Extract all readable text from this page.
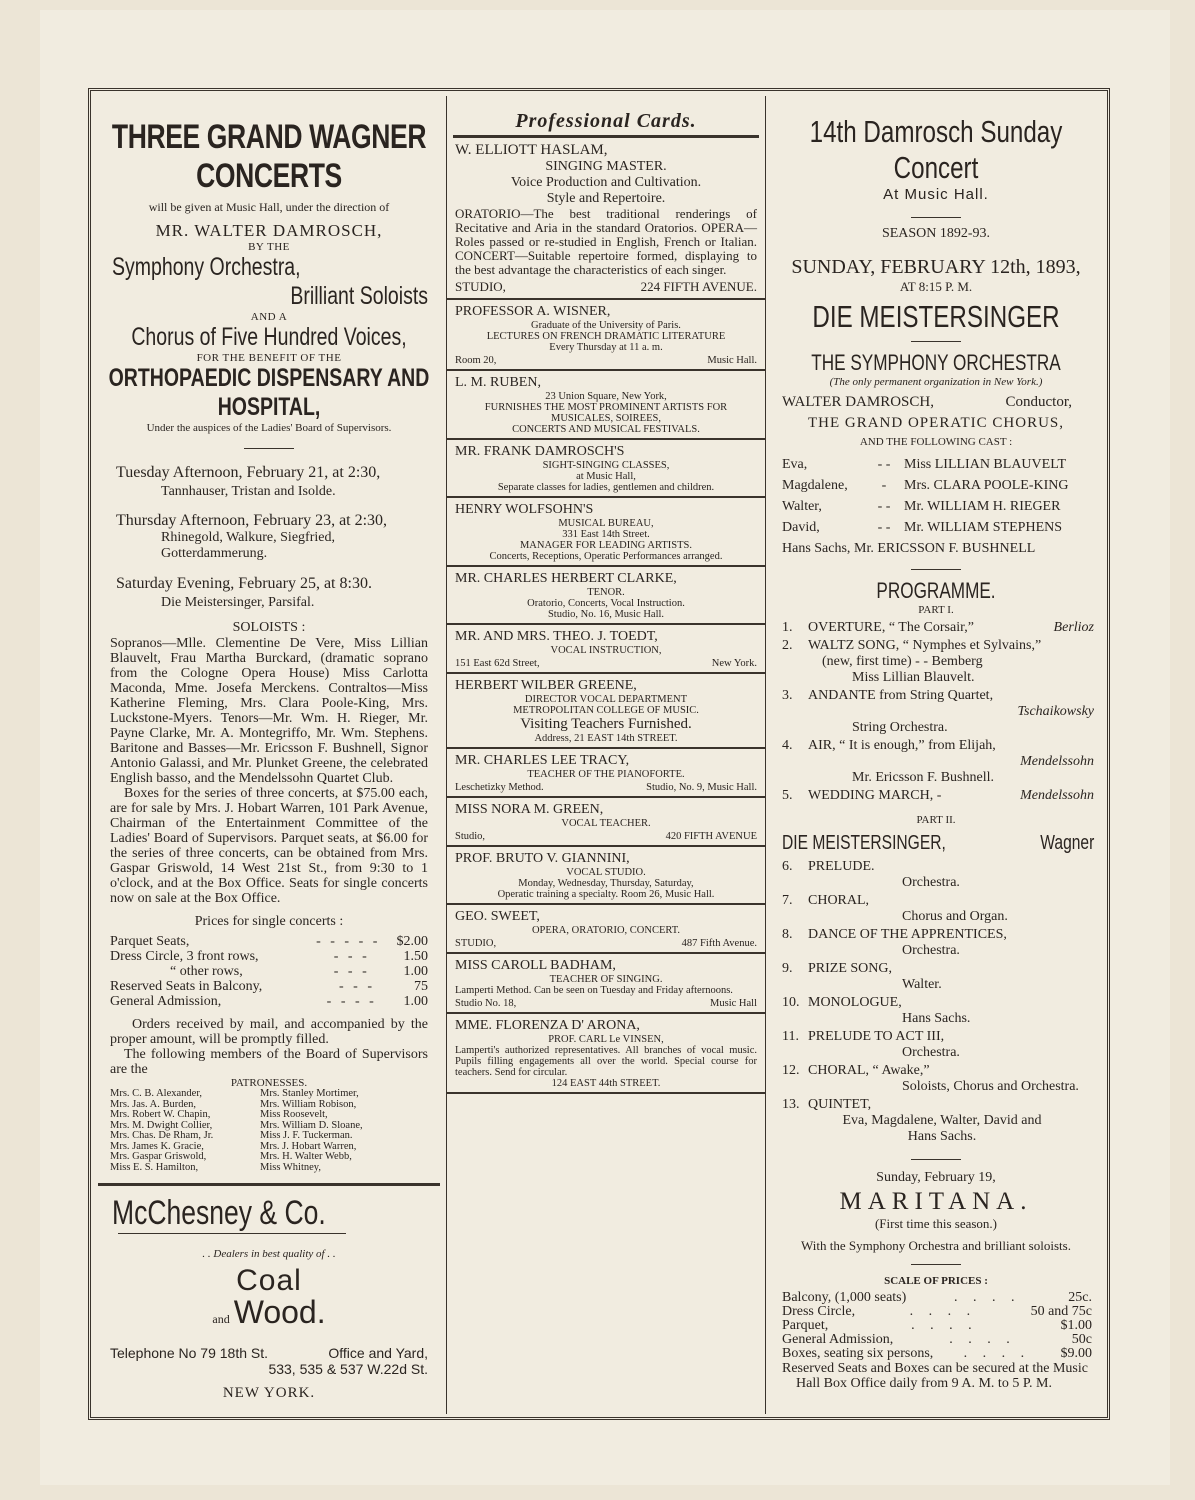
THREE GRAND WAGNER CONCERTS
will be given at Music Hall, under the direction of
MR. WALTER DAMROSCH,
BY THE
Symphony Orchestra,
Brilliant Soloists
AND A
Chorus of Five Hundred Voices,
FOR THE BENEFIT OF THE
ORTHOPAEDIC DISPENSARY AND HOSPITAL,
Under the auspices of the Ladies' Board of Supervisors.
Tuesday Afternoon, February 21, at 2:30,
Tannhauser, Tristan and Isolde.
Thursday Afternoon, February 23, at 2:30,
Rhinegold, Walkure, Siegfried, Gotterdammerung.
Saturday Evening, February 25, at 8:30.
Die Meistersinger, Parsifal.
SOLOISTS :
Sopranos—Mlle. Clementine De Vere, Miss Lillian Blauvelt, Frau Martha Burckard, (dramatic soprano from the Cologne Opera House) Miss Carlotta Maconda, Mme. Josefa Merckens. Contraltos—Miss Katherine Fleming, Mrs. Clara Poole-King, Mrs. Luckstone-Myers. Tenors—Mr. Wm. H. Rieger, Mr. Payne Clarke, Mr. A. Montegriffo, Mr. Wm. Stephens. Baritone and Basses—Mr. Ericsson F. Bushnell, Signor Antonio Galassi, and Mr. Plunket Greene, the celebrated English basso, and the Mendelssohn Quartet Club.
Boxes for the series of three concerts, at $75.00 each, are for sale by Mrs. J. Hobart Warren, 101 Park Avenue, Chairman of the Entertainment Committee of the Ladies' Board of Supervisors. Parquet seats, at $6.00 for the series of three concerts, can be obtained from Mrs. Gaspar Griswold, 14 West 21st St., from 9:30 to 1 o'clock, and at the Box Office. Seats for single concerts now on sale at the Box Office.
Prices for single concerts :
Parquet Seats,	- - - - -	$2.00
Dress Circle, 3 front rows,	- - -	1.50
“ other rows,	- - -	1.00
Reserved Seats in Balcony,	- - -	75
General Admission,	- - - -	1.00
Orders received by mail, and accompanied by the proper amount, will be promptly filled.
The following members of the Board of Supervisors are the
PATRONESSES.
Mrs. C. B. Alexander,
Mrs. Jas. A. Burden,
Mrs. Robert W. Chapin,
Mrs. M. Dwight Collier,
Mrs. Chas. De Rham, Jr.
Mrs. James K. Gracie,
Mrs. Gaspar Griswold,
Miss E. S. Hamilton,
Mrs. Stanley Mortimer,
Mrs. William Robison,
Miss Roosevelt,
Mrs. William D. Sloane,
Miss J. F. Tuckerman.
Mrs. J. Hobart Warren,
Mrs. H. Walter Webb,
Miss Whitney,
McChesney & Co.
. . Dealers in best quality of . .
Coal
and Wood.
Telephone No 79 18th St.	Office and Yard,
533, 535 & 537 W.22d St.
NEW YORK.
Professional Cards.
W. ELLIOTT HASLAM,
SINGING MASTER.
Voice Production and Cultivation.
Style and Repertoire.
ORATORIO—The best traditional renderings of Recitative and Aria in the standard Oratorios. OPERA—Roles passed or re-studied in English, French or Italian. CONCERT—Suitable repertoire formed, displaying to the best advantage the characteristics of each singer.
STUDIO,	224 FIFTH AVENUE.
PROFESSOR A. WISNER,
Graduate of the University of Paris.
LECTURES ON FRENCH DRAMATIC LITERATURE
Every Thursday at 11 a. m.
Room 20,	Music Hall.
L. M. RUBEN,
23 Union Square, New York,
FURNISHES THE MOST PROMINENT ARTISTS FOR
MUSICALES, SOIREES,
CONCERTS AND MUSICAL FESTIVALS.
MR. FRANK DAMROSCH'S
SIGHT-SINGING CLASSES,
at Music Hall,
Separate classes for ladies, gentlemen and children.
HENRY WOLFSOHN'S
MUSICAL BUREAU,
331 East 14th Street.
MANAGER FOR LEADING ARTISTS.
Concerts, Receptions, Operatic Performances arranged.
MR. CHARLES HERBERT CLARKE,
TENOR.
Oratorio, Concerts, Vocal Instruction.
Studio, No. 16, Music Hall.
MR. AND MRS. THEO. J. TOEDT,
VOCAL INSTRUCTION,
151 East 62d Street,	New York.
HERBERT WILBER GREENE,
DIRECTOR VOCAL DEPARTMENT
METROPOLITAN COLLEGE OF MUSIC.
Visiting Teachers Furnished.
Address, 21 EAST 14th STREET.
MR. CHARLES LEE TRACY,
TEACHER OF THE PIANOFORTE.
Leschetizky Method.	Studio, No. 9, Music Hall.
MISS NORA M. GREEN,
VOCAL TEACHER.
Studio,	420 FIFTH AVENUE
PROF. BRUTO V. GIANNINI,
VOCAL STUDIO.
Monday, Wednesday, Thursday, Saturday,
Operatic training a specialty. Room 26, Music Hall.
GEO. SWEET,
OPERA, ORATORIO, CONCERT.
STUDIO,	487 Fifth Avenue.
MISS CAROLL BADHAM,
TEACHER OF SINGING.
Lamperti Method. Can be seen on Tuesday and Friday afternoons.
Studio No. 18,	Music Hall
MME. FLORENZA D' ARONA,
PROF. CARL Le VINSEN,
Lamperti's authorized representatives. All branches of vocal music. Pupils filling engagements all over the world. Special course for teachers. Send for circular.
124 EAST 44th STREET.
14th Damrosch Sunday Concert
At Music Hall.
SEASON 1892-93.
SUNDAY, FEBRUARY 12th, 1893,
AT 8:15 P. M.
DIE MEISTERSINGER
THE SYMPHONY ORCHESTRA
(The only permanent organization in New York.)
WALTER DAMROSCH,	Conductor,
THE GRAND OPERATIC CHORUS,
AND THE FOLLOWING CAST :
Eva,	- - Miss LILLIAN BLAUVELT
Magdalene,	-	Mrs. CLARA POOLE-KING
Walter,	- - Mr. WILLIAM H. RIEGER
David,	- - Mr. WILLIAM STEPHENS
Hans Sachs, Mr. ERICSSON F. BUSHNELL
PROGRAMME.
PART I.
1.	OVERTURE, “ The Corsair,”	Berlioz
2.	WALTZ SONG, “ Nymphes et Sylvains,”
(new, first time) - - Bemberg
Miss Lillian Blauvelt.
3.	ANDANTE from String Quartet,
Tschaikowsky
String Orchestra.
4.	AIR, “ It is enough,” from Elijah,
Mendelssohn
Mr. Ericsson F. Bushnell.
5.	WEDDING MARCH, -	Mendelssohn
PART II.
DIE MEISTERSINGER,	Wagner
6.	PRELUDE.
Orchestra.
7.	CHORAL,
Chorus and Organ.
8.	DANCE OF THE APPRENTICES,
Orchestra.
9.	PRIZE SONG,
Walter.
10. MONOLOGUE,
Hans Sachs.
11. PRELUDE TO ACT III,
Orchestra.
12. CHORAL, “ Awake,”
Soloists, Chorus and Orchestra.
13. QUINTET,
Eva, Magdalene, Walter, David and Hans Sachs.
Sunday, February 19,
MARITANA.
(First time this season.)
With the Symphony Orchestra and brilliant soloists.
SCALE OF PRICES :
Balcony, (1,000 seats)	. . . .	25c.
Dress Circle,	. . . .	50 and 75c
Parquet,	. . . .	$1.00
General Admission,	. . . .	50c
Boxes, seating six persons,	. . . .	$9.00
Reserved Seats and Boxes can be secured at the Music Hall Box Office daily from 9 A. M. to 5 P. M.
